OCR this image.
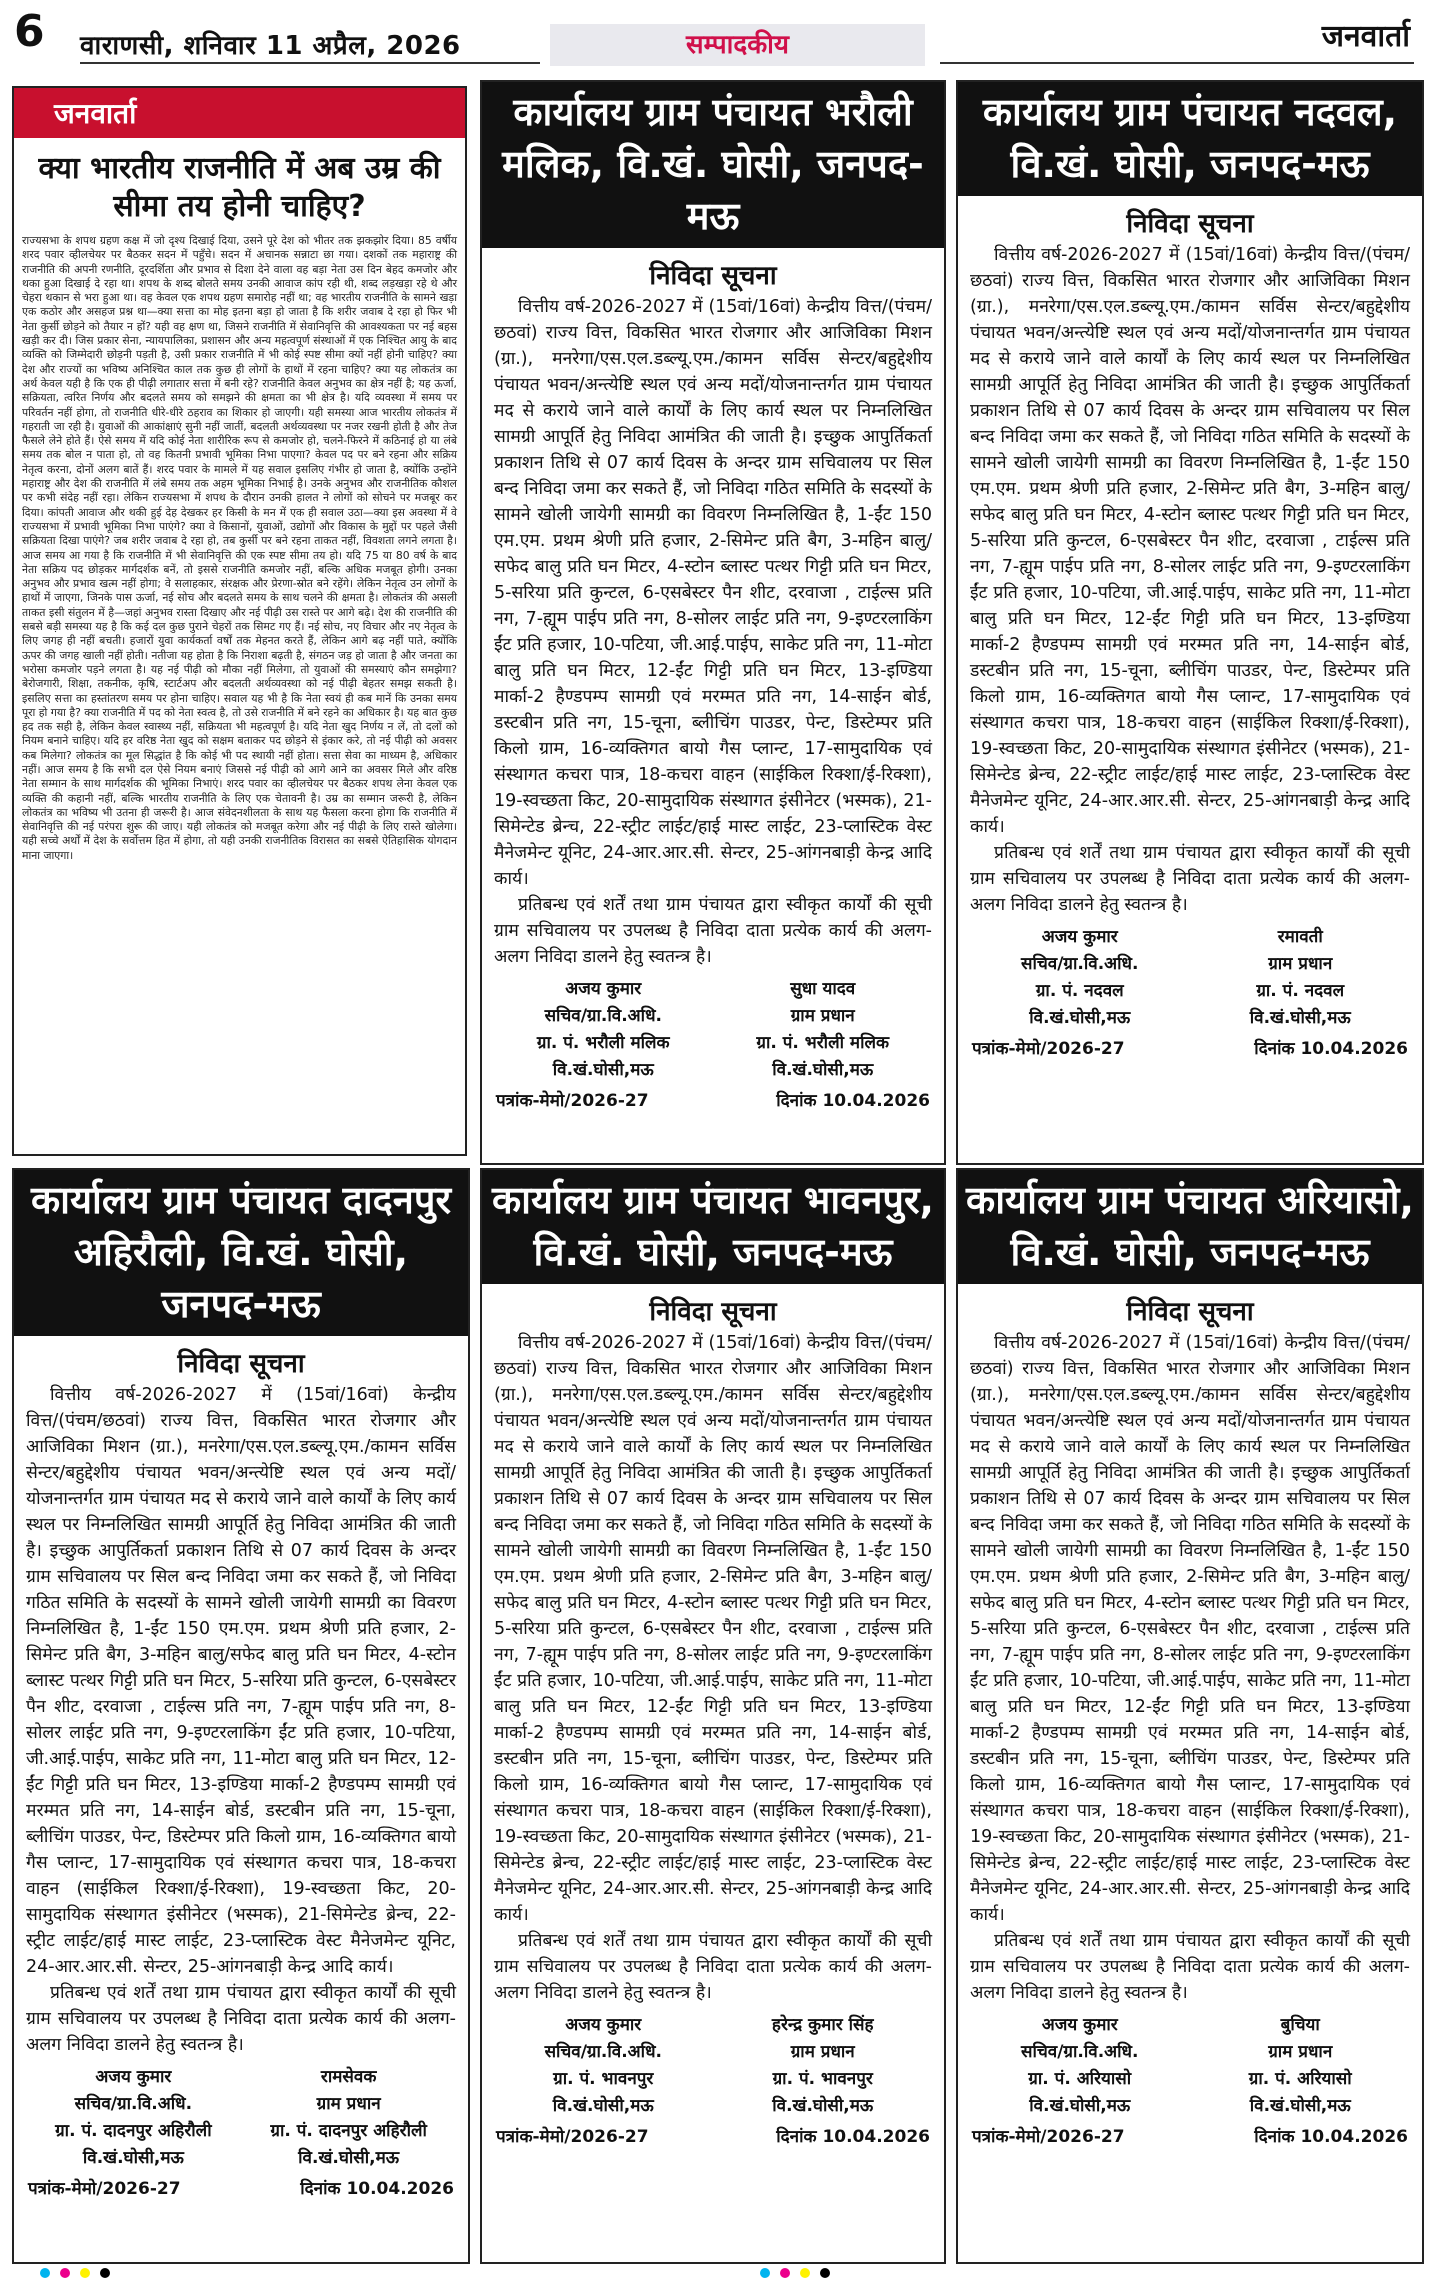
6 वाराणसी, शनिवार 11 अप्रैल, 2026	सम्पादकीय	जनवार्ता
जनवार्ता
क्या भारतीय राजनीति में अब उम्र की सीमा तय होनी चाहिए?
राज्यसभा के शपथ ग्रहण कक्ष में जो दृश्य दिखाई दिया, उसने पूरे देश को भीतर तक झकझोर दिया। 85 वर्षीय शरद पवार व्हीलचेयर पर बैठकर सदन में पहुँचे। सदन में अचानक सन्नाटा छा गया। दशकों तक महाराष्ट्र की राजनीति की अपनी रणनीति, दूरदर्शिता और प्रभाव से दिशा देने वाला वह बड़ा नेता उस दिन बेहद कमजोर और थका हुआ दिखाई दे रहा था। शपथ के शब्द बोलते समय उनकी आवाज कांप रही थी, शब्द लड़खड़ा रहे थे और चेहरा थकान से भरा हुआ था। वह केवल एक शपथ ग्रहण समारोह नहीं था; वह भारतीय राजनीति के सामने खड़ा एक कठोर और असहज प्रश्न था—क्या सत्ता का मोह इतना बड़ा हो जाता है कि शरीर जवाब दे रहा हो फिर भी नेता कुर्सी छोड़ने को तैयार न हों? यही वह क्षण था, जिसने राजनीति में सेवानिवृत्ति की आवश्यकता पर नई बहस खड़ी कर दी। जिस प्रकार सेना, न्यायपालिका, प्रशासन और अन्य महत्वपूर्ण संस्थाओं में एक निश्चित आयु के बाद व्यक्ति को जिम्मेदारी छोड़नी पड़ती है, उसी प्रकार राजनीति में भी कोई स्पष्ट सीमा क्यों नहीं होनी चाहिए? क्या देश और राज्यों का भविष्य अनिश्चित काल तक कुछ ही लोगों के हाथों में रहना चाहिए? क्या यह लोकतंत्र का अर्थ केवल यही है कि एक ही पीढ़ी लगातार सत्ता में बनी रहे? राजनीति केवल अनुभव का क्षेत्र नहीं है; यह ऊर्जा, सक्रियता, त्वरित निर्णय और बदलते समय को समझने की क्षमता का भी क्षेत्र है। यदि व्यवस्था में समय पर परिवर्तन नहीं होगा, तो राजनीति धीरे-धीरे ठहराव का शिकार हो जाएगी। यही समस्या आज भारतीय लोकतंत्र में गहराती जा रही है। युवाओं की आकांक्षाएं सुनी नहीं जातीं, बदलती अर्थव्यवस्था पर नजर रखनी होती है और तेज फैसले लेने होते हैं। ऐसे समय में यदि कोई नेता शारीरिक रूप से कमजोर हो, चलने-फिरने में कठिनाई हो या लंबे समय तक बोल न पाता हो, तो वह कितनी प्रभावी भूमिका निभा पाएगा? केवल पद पर बने रहना और सक्रिय नेतृत्व करना, दोनों अलग बातें हैं। शरद पवार के मामले में यह सवाल इसलिए गंभीर हो जाता है, क्योंकि उन्होंने महाराष्ट्र और देश की राजनीति में लंबे समय तक अहम भूमिका निभाई है। उनके अनुभव और राजनीतिक कौशल पर कभी संदेह नहीं रहा। लेकिन राज्यसभा में शपथ के दौरान उनकी हालत ने लोगों को सोचने पर मजबूर कर दिया। कांपती आवाज और थकी हुई देह देखकर हर किसी के मन में एक ही सवाल उठा—क्या इस अवस्था में वे राज्यसभा में प्रभावी भूमिका निभा पाएंगे? क्या वे किसानों, युवाओं, उद्योगों और विकास के मुद्दों पर पहले जैसी सक्रियता दिखा पाएंगे? जब शरीर जवाब दे रहा हो, तब कुर्सी पर बने रहना ताकत नहीं, विवशता लगने लगता है। आज समय आ गया है कि राजनीति में भी सेवानिवृत्ति की एक स्पष्ट सीमा तय हो। यदि 75 या 80 वर्ष के बाद नेता सक्रिय पद छोड़कर मार्गदर्शक बनें, तो इससे राजनीति कमजोर नहीं, बल्कि अधिक मजबूत होगी। उनका अनुभव और प्रभाव खत्म नहीं होगा; वे सलाहकार, संरक्षक और प्रेरणा-स्रोत बने रहेंगे। लेकिन नेतृत्व उन लोगों के हाथों में जाएगा, जिनके पास ऊर्जा, नई सोच और बदलते समय के साथ चलने की क्षमता है। लोकतंत्र की असली ताकत इसी संतुलन में है—जहां अनुभव रास्ता दिखाए और नई पीढ़ी उस रास्ते पर आगे बढ़े। देश की राजनीति की सबसे बड़ी समस्या यह है कि कई दल कुछ पुराने चेहरों तक सिमट गए हैं। नई सोच, नए विचार और नए नेतृत्व के लिए जगह ही नहीं बचती। हजारों युवा कार्यकर्ता वर्षों तक मेहनत करते हैं, लेकिन आगे बढ़ नहीं पाते, क्योंकि ऊपर की जगह खाली नहीं होती। नतीजा यह होता है कि निराशा बढ़ती है, संगठन जड़ हो जाता है और जनता का भरोसा कमजोर पड़ने लगता है। यह नई पीढ़ी को मौका नहीं मिलेगा, तो युवाओं की समस्याएं कौन समझेगा? बेरोजगारी, शिक्षा, तकनीक, कृषि, स्टार्टअप और बदलती अर्थव्यवस्था को नई पीढ़ी बेहतर समझ सकती है। इसलिए सत्ता का हस्तांतरण समय पर होना चाहिए। सवाल यह भी है कि नेता स्वयं ही कब मानें कि उनका समय पूरा हो गया है? क्या राजनीति में पद को नेता स्वत्व है, तो उसे राजनीति में बने रहने का अधिकार है। यह बात कुछ हद तक सही है, लेकिन केवल स्वास्थ्य नहीं, सक्रियता भी महत्वपूर्ण है। यदि नेता खुद निर्णय न लें, तो दलों को नियम बनाने चाहिए। यदि हर वरिष्ठ नेता खुद को सक्षम बताकर पद छोड़ने से इंकार करे, तो नई पीढ़ी को अवसर कब मिलेगा? लोकतंत्र का मूल सिद्धांत है कि कोई भी पद स्थायी नहीं होता। सत्ता सेवा का माध्यम है, अधिकार नहीं। आज समय है कि सभी दल ऐसे नियम बनाएं जिससे नई पीढ़ी को आगे आने का अवसर मिले और वरिष्ठ नेता सम्मान के साथ मार्गदर्शक की भूमिका निभाएं। शरद पवार का व्हीलचेयर पर बैठकर शपथ लेना केवल एक व्यक्ति की कहानी नहीं, बल्कि भारतीय राजनीति के लिए एक चेतावनी है। उम्र का सम्मान जरूरी है, लेकिन लोकतंत्र का भविष्य भी उतना ही जरूरी है। आज संवेदनशीलता के साथ यह फैसला करना होगा कि राजनीति में सेवानिवृत्ति की नई परंपरा शुरू की जाए। यही लोकतंत्र को मजबूत करेगा और नई पीढ़ी के लिए रास्ते खोलेगा। यही सच्चे अर्थों में देश के सर्वोत्तम हित में होगा, तो यही उनकी राजनीतिक विरासत का सबसे ऐतिहासिक योगदान माना जाएगा।
कार्यालय ग्राम पंचायत भरौली मलिक, वि.खं. घोसी, जनपद-मऊ
निविदा सूचना

वित्तीय वर्ष-2026-2027 में (15वां/16वां) केन्द्रीय वित्त/(पंचम/छठवां) राज्य वित्त, विकसित भारत रोजगार और आजिविका मिशन (ग्रा.), मनरेगा/एस.एल.डब्ल्यू.एम./कामन सर्विस सेन्टर/बहुद्देशीय पंचायत भवन/अन्त्येष्टि स्थल एवं अन्य मदों/योजनान्तर्गत ग्राम पंचायत मद से कराये जाने वाले कार्यों के लिए कार्य स्थल पर निम्नलिखित सामग्री आपूर्ति हेतु निविदा आमंत्रित की जाती है। इच्छुक आपुर्तिकर्ता प्रकाशन तिथि से 07 कार्य दिवस के अन्दर ग्राम सचिवालय पर सिल बन्द निविदा जमा कर सकते हैं, जो निविदा गठित समिति के सदस्यों के सामने खोली जायेगी सामग्री का विवरण निम्नलिखित है, 1-ईंट 150 एम.एम. प्रथम श्रेणी प्रति हजार, 2-सिमेन्ट प्रति बैग, 3-महिन बालु/सफेद बालु प्रति घन मिटर, 4-स्टोन ब्लास्ट पत्थर गिट्टी प्रति घन मिटर, 5-सरिया प्रति कुन्टल, 6-एसबेस्टर पैन शीट, दरवाजा , टाईल्स प्रति नग, 7-ह्यूम पाईप प्रति नग, 8-सोलर लाईट प्रति नग, 9-इण्टरलाकिंग ईंट प्रति हजार, 10-पटिया, जी.आई.पाईप, साकेट प्रति नग, 11-मोटा बालु प्रति घन मिटर, 12-ईंट गिट्टी प्रति घन मिटर, 13-इण्डिया मार्का-2 हैण्डपम्प सामग्री एवं मरम्मत प्रति नग, 14-साईन बोर्ड, डस्टबीन प्रति नग, 15-चूना, ब्लीचिंग पाउडर, पेन्ट, डिस्टेम्पर प्रति किलो ग्राम, 16-व्यक्तिगत बायो गैस प्लान्ट, 17-सामुदायिक एवं संस्थागत कचरा पात्र, 18-कचरा वाहन (साईकिल रिक्शा/ई-रिक्शा), 19-स्वच्छता किट, 20-सामुदायिक संस्थागत इंसीनेटर (भस्मक), 21-सिमेन्टेड ब्रेन्च, 22-स्ट्रीट लाईट/हाई मास्ट लाईट, 23-प्लास्टिक वेस्ट मैनेजमेन्ट यूनिट, 24-आर.आर.सी. सेन्टर, 25-आंगनबाड़ी केन्द्र आदि कार्य।

प्रतिबन्ध एवं शर्तें तथा ग्राम पंचायत द्वारा स्वीकृत कार्यों की सूची ग्राम सचिवालय पर उपलब्ध है निविदा दाता प्रत्येक कार्य की अलग-अलग निविदा डालने हेतु स्वतन्त्र है।

अजय कुमार
सचिव/ग्रा.वि.अधि.
ग्रा. पं. भरौली मलिक
वि.खं.घोसी,मऊ
सुधा यादव
ग्राम प्रधान
ग्रा. पं. भरौली मलिक
वि.खं.घोसी,मऊ
पत्रांक-मेमो/2026-27	दिनांक 10.04.2026
कार्यालय ग्राम पंचायत नदवल, वि.खं. घोसी, जनपद-मऊ
निविदा सूचना

वित्तीय वर्ष-2026-2027 में (15वां/16वां) केन्द्रीय वित्त/(पंचम/छठवां) राज्य वित्त, विकसित भारत रोजगार और आजिविका मिशन (ग्रा.), मनरेगा/एस.एल.डब्ल्यू.एम./कामन सर्विस सेन्टर/बहुद्देशीय पंचायत भवन/अन्त्येष्टि स्थल एवं अन्य मदों/योजनान्तर्गत ग्राम पंचायत मद से कराये जाने वाले कार्यों के लिए कार्य स्थल पर निम्नलिखित सामग्री आपूर्ति हेतु निविदा आमंत्रित की जाती है। इच्छुक आपुर्तिकर्ता प्रकाशन तिथि से 07 कार्य दिवस के अन्दर ग्राम सचिवालय पर सिल बन्द निविदा जमा कर सकते हैं, जो निविदा गठित समिति के सदस्यों के सामने खोली जायेगी सामग्री का विवरण निम्नलिखित है, 1-ईंट 150 एम.एम. प्रथम श्रेणी प्रति हजार, 2-सिमेन्ट प्रति बैग, 3-महिन बालु/सफेद बालु प्रति घन मिटर, 4-स्टोन ब्लास्ट पत्थर गिट्टी प्रति घन मिटर, 5-सरिया प्रति कुन्टल, 6-एसबेस्टर पैन शीट, दरवाजा , टाईल्स प्रति नग, 7-ह्यूम पाईप प्रति नग, 8-सोलर लाईट प्रति नग, 9-इण्टरलाकिंग ईंट प्रति हजार, 10-पटिया, जी.आई.पाईप, साकेट प्रति नग, 11-मोटा बालु प्रति घन मिटर, 12-ईंट गिट्टी प्रति घन मिटर, 13-इण्डिया मार्का-2 हैण्डपम्प सामग्री एवं मरम्मत प्रति नग, 14-साईन बोर्ड, डस्टबीन प्रति नग, 15-चूना, ब्लीचिंग पाउडर, पेन्ट, डिस्टेम्पर प्रति किलो ग्राम, 16-व्यक्तिगत बायो गैस प्लान्ट, 17-सामुदायिक एवं संस्थागत कचरा पात्र, 18-कचरा वाहन (साईकिल रिक्शा/ई-रिक्शा), 19-स्वच्छता किट, 20-सामुदायिक संस्थागत इंसीनेटर (भस्मक), 21-सिमेन्टेड ब्रेन्च, 22-स्ट्रीट लाईट/हाई मास्ट लाईट, 23-प्लास्टिक वेस्ट मैनेजमेन्ट यूनिट, 24-आर.आर.सी. सेन्टर, 25-आंगनबाड़ी केन्द्र आदि कार्य।

प्रतिबन्ध एवं शर्तें तथा ग्राम पंचायत द्वारा स्वीकृत कार्यों की सूची ग्राम सचिवालय पर उपलब्ध है निविदा दाता प्रत्येक कार्य की अलग-अलग निविदा डालने हेतु स्वतन्त्र है।

अजय कुमार
सचिव/ग्रा.वि.अधि.
ग्रा. पं. नदवल
वि.खं.घोसी,मऊ
रमावती
ग्राम प्रधान
ग्रा. पं. नदवल
वि.खं.घोसी,मऊ
पत्रांक-मेमो/2026-27	दिनांक 10.04.2026
कार्यालय ग्राम पंचायत दादनपुर अहिरौली, वि.खं. घोसी, जनपद-मऊ
निविदा सूचना

वित्तीय वर्ष-2026-2027 में (15वां/16वां) केन्द्रीय वित्त/(पंचम/छठवां) राज्य वित्त, विकसित भारत रोजगार और आजिविका मिशन (ग्रा.), मनरेगा/एस.एल.डब्ल्यू.एम./कामन सर्विस सेन्टर/बहुद्देशीय पंचायत भवन/अन्त्येष्टि स्थल एवं अन्य मदों/योजनान्तर्गत ग्राम पंचायत मद से कराये जाने वाले कार्यों के लिए कार्य स्थल पर निम्नलिखित सामग्री आपूर्ति हेतु निविदा आमंत्रित की जाती है। इच्छुक आपुर्तिकर्ता प्रकाशन तिथि से 07 कार्य दिवस के अन्दर ग्राम सचिवालय पर सिल बन्द निविदा जमा कर सकते हैं, जो निविदा गठित समिति के सदस्यों के सामने खोली जायेगी सामग्री का विवरण निम्नलिखित है, 1-ईंट 150 एम.एम. प्रथम श्रेणी प्रति हजार, 2-सिमेन्ट प्रति बैग, 3-महिन बालु/सफेद बालु प्रति घन मिटर, 4-स्टोन ब्लास्ट पत्थर गिट्टी प्रति घन मिटर, 5-सरिया प्रति कुन्टल, 6-एसबेस्टर पैन शीट, दरवाजा , टाईल्स प्रति नग, 7-ह्यूम पाईप प्रति नग, 8-सोलर लाईट प्रति नग, 9-इण्टरलाकिंग ईंट प्रति हजार, 10-पटिया, जी.आई.पाईप, साकेट प्रति नग, 11-मोटा बालु प्रति घन मिटर, 12-ईंट गिट्टी प्रति घन मिटर, 13-इण्डिया मार्का-2 हैण्डपम्प सामग्री एवं मरम्मत प्रति नग, 14-साईन बोर्ड, डस्टबीन प्रति नग, 15-चूना, ब्लीचिंग पाउडर, पेन्ट, डिस्टेम्पर प्रति किलो ग्राम, 16-व्यक्तिगत बायो गैस प्लान्ट, 17-सामुदायिक एवं संस्थागत कचरा पात्र, 18-कचरा वाहन (साईकिल रिक्शा/ई-रिक्शा), 19-स्वच्छता किट, 20-सामुदायिक संस्थागत इंसीनेटर (भस्मक), 21-सिमेन्टेड ब्रेन्च, 22-स्ट्रीट लाईट/हाई मास्ट लाईट, 23-प्लास्टिक वेस्ट मैनेजमेन्ट यूनिट, 24-आर.आर.सी. सेन्टर, 25-आंगनबाड़ी केन्द्र आदि कार्य।

प्रतिबन्ध एवं शर्तें तथा ग्राम पंचायत द्वारा स्वीकृत कार्यों की सूची ग्राम सचिवालय पर उपलब्ध है निविदा दाता प्रत्येक कार्य की अलग-अलग निविदा डालने हेतु स्वतन्त्र है।

अजय कुमार
सचिव/ग्रा.वि.अधि.
ग्रा. पं. दादनपुर अहिरौली
वि.खं.घोसी,मऊ
रामसेवक
ग्राम प्रधान
ग्रा. पं. दादनपुर अहिरौली
वि.खं.घोसी,मऊ
पत्रांक-मेमो/2026-27	दिनांक 10.04.2026
कार्यालय ग्राम पंचायत भावनपुर, वि.खं. घोसी, जनपद-मऊ
निविदा सूचना

वित्तीय वर्ष-2026-2027 में (15वां/16वां) केन्द्रीय वित्त/(पंचम/छठवां) राज्य वित्त, विकसित भारत रोजगार और आजिविका मिशन (ग्रा.), मनरेगा/एस.एल.डब्ल्यू.एम./कामन सर्विस सेन्टर/बहुद्देशीय पंचायत भवन/अन्त्येष्टि स्थल एवं अन्य मदों/योजनान्तर्गत ग्राम पंचायत मद से कराये जाने वाले कार्यों के लिए कार्य स्थल पर निम्नलिखित सामग्री आपूर्ति हेतु निविदा आमंत्रित की जाती है। इच्छुक आपुर्तिकर्ता प्रकाशन तिथि से 07 कार्य दिवस के अन्दर ग्राम सचिवालय पर सिल बन्द निविदा जमा कर सकते हैं, जो निविदा गठित समिति के सदस्यों के सामने खोली जायेगी सामग्री का विवरण निम्नलिखित है, 1-ईंट 150 एम.एम. प्रथम श्रेणी प्रति हजार, 2-सिमेन्ट प्रति बैग, 3-महिन बालु/सफेद बालु प्रति घन मिटर, 4-स्टोन ब्लास्ट पत्थर गिट्टी प्रति घन मिटर, 5-सरिया प्रति कुन्टल, 6-एसबेस्टर पैन शीट, दरवाजा , टाईल्स प्रति नग, 7-ह्यूम पाईप प्रति नग, 8-सोलर लाईट प्रति नग, 9-इण्टरलाकिंग ईंट प्रति हजार, 10-पटिया, जी.आई.पाईप, साकेट प्रति नग, 11-मोटा बालु प्रति घन मिटर, 12-ईंट गिट्टी प्रति घन मिटर, 13-इण्डिया मार्का-2 हैण्डपम्प सामग्री एवं मरम्मत प्रति नग, 14-साईन बोर्ड, डस्टबीन प्रति नग, 15-चूना, ब्लीचिंग पाउडर, पेन्ट, डिस्टेम्पर प्रति किलो ग्राम, 16-व्यक्तिगत बायो गैस प्लान्ट, 17-सामुदायिक एवं संस्थागत कचरा पात्र, 18-कचरा वाहन (साईकिल रिक्शा/ई-रिक्शा), 19-स्वच्छता किट, 20-सामुदायिक संस्थागत इंसीनेटर (भस्मक), 21-सिमेन्टेड ब्रेन्च, 22-स्ट्रीट लाईट/हाई मास्ट लाईट, 23-प्लास्टिक वेस्ट मैनेजमेन्ट यूनिट, 24-आर.आर.सी. सेन्टर, 25-आंगनबाड़ी केन्द्र आदि कार्य।

प्रतिबन्ध एवं शर्तें तथा ग्राम पंचायत द्वारा स्वीकृत कार्यों की सूची ग्राम सचिवालय पर उपलब्ध है निविदा दाता प्रत्येक कार्य की अलग-अलग निविदा डालने हेतु स्वतन्त्र है।

अजय कुमार
सचिव/ग्रा.वि.अधि.
ग्रा. पं. भावनपुर
वि.खं.घोसी,मऊ
हरेन्द्र कुमार सिंह
ग्राम प्रधान
ग्रा. पं. भावनपुर
वि.खं.घोसी,मऊ
पत्रांक-मेमो/2026-27	दिनांक 10.04.2026
कार्यालय ग्राम पंचायत अरियासो, वि.खं. घोसी, जनपद-मऊ
निविदा सूचना

वित्तीय वर्ष-2026-2027 में (15वां/16वां) केन्द्रीय वित्त/(पंचम/छठवां) राज्य वित्त, विकसित भारत रोजगार और आजिविका मिशन (ग्रा.), मनरेगा/एस.एल.डब्ल्यू.एम./कामन सर्विस सेन्टर/बहुद्देशीय पंचायत भवन/अन्त्येष्टि स्थल एवं अन्य मदों/योजनान्तर्गत ग्राम पंचायत मद से कराये जाने वाले कार्यों के लिए कार्य स्थल पर निम्नलिखित सामग्री आपूर्ति हेतु निविदा आमंत्रित की जाती है। इच्छुक आपुर्तिकर्ता प्रकाशन तिथि से 07 कार्य दिवस के अन्दर ग्राम सचिवालय पर सिल बन्द निविदा जमा कर सकते हैं, जो निविदा गठित समिति के सदस्यों के सामने खोली जायेगी सामग्री का विवरण निम्नलिखित है, 1-ईंट 150 एम.एम. प्रथम श्रेणी प्रति हजार, 2-सिमेन्ट प्रति बैग, 3-महिन बालु/सफेद बालु प्रति घन मिटर, 4-स्टोन ब्लास्ट पत्थर गिट्टी प्रति घन मिटर, 5-सरिया प्रति कुन्टल, 6-एसबेस्टर पैन शीट, दरवाजा , टाईल्स प्रति नग, 7-ह्यूम पाईप प्रति नग, 8-सोलर लाईट प्रति नग, 9-इण्टरलाकिंग ईंट प्रति हजार, 10-पटिया, जी.आई.पाईप, साकेट प्रति नग, 11-मोटा बालु प्रति घन मिटर, 12-ईंट गिट्टी प्रति घन मिटर, 13-इण्डिया मार्का-2 हैण्डपम्प सामग्री एवं मरम्मत प्रति नग, 14-साईन बोर्ड, डस्टबीन प्रति नग, 15-चूना, ब्लीचिंग पाउडर, पेन्ट, डिस्टेम्पर प्रति किलो ग्राम, 16-व्यक्तिगत बायो गैस प्लान्ट, 17-सामुदायिक एवं संस्थागत कचरा पात्र, 18-कचरा वाहन (साईकिल रिक्शा/ई-रिक्शा), 19-स्वच्छता किट, 20-सामुदायिक संस्थागत इंसीनेटर (भस्मक), 21-सिमेन्टेड ब्रेन्च, 22-स्ट्रीट लाईट/हाई मास्ट लाईट, 23-प्लास्टिक वेस्ट मैनेजमेन्ट यूनिट, 24-आर.आर.सी. सेन्टर, 25-आंगनबाड़ी केन्द्र आदि कार्य।

प्रतिबन्ध एवं शर्तें तथा ग्राम पंचायत द्वारा स्वीकृत कार्यों की सूची ग्राम सचिवालय पर उपलब्ध है निविदा दाता प्रत्येक कार्य की अलग-अलग निविदा डालने हेतु स्वतन्त्र है।

अजय कुमार
सचिव/ग्रा.वि.अधि.
ग्रा. पं. अरियासो
वि.खं.घोसी,मऊ
बुचिया
ग्राम प्रधान
ग्रा. पं. अरियासो
वि.खं.घोसी,मऊ
पत्रांक-मेमो/2026-27	दिनांक 10.04.2026
